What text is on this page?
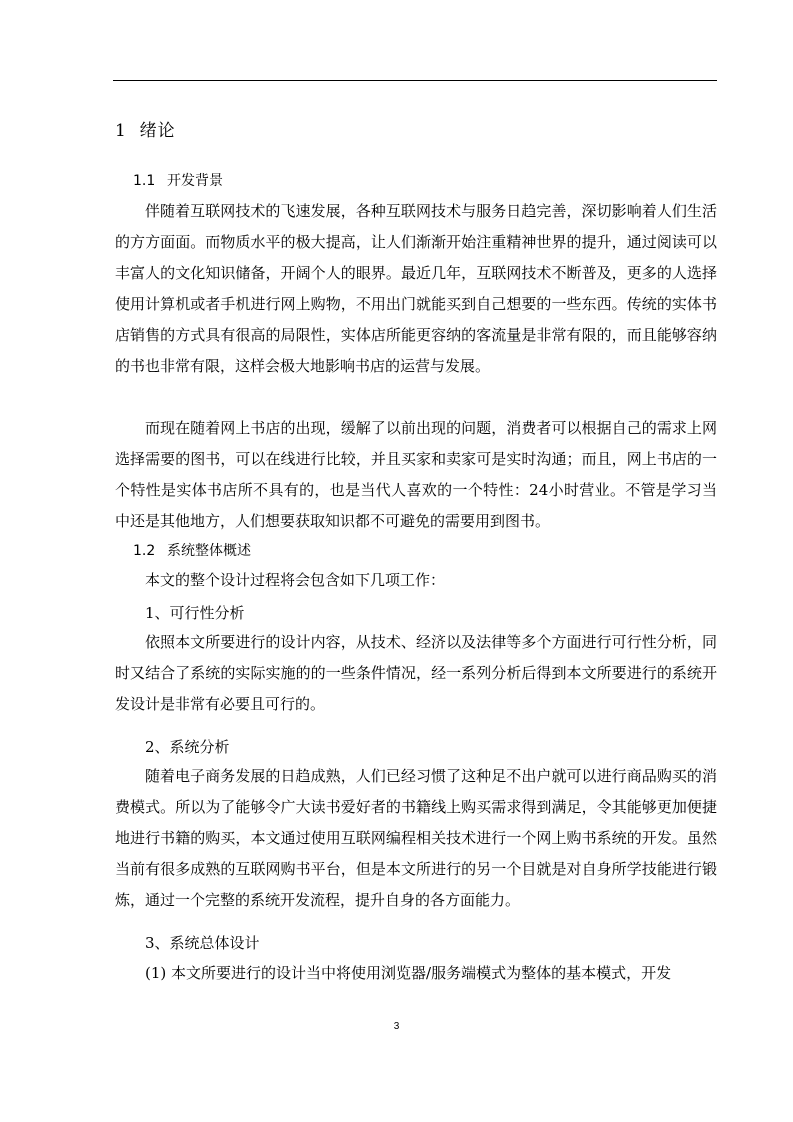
1 绪论
1.1 开发背景

伴随着互联网技术的飞速发展，各种互联网技术与服务日趋完善，深切影响着人们生活的方方面面。而物质水平的极大提高，让人们渐渐开始注重精神世界的提升，通过阅读可以丰富人的文化知识储备，开阔个人的眼界。最近几年，互联网技术不断普及，更多的人选择使用计算机或者手机进行网上购物，不用出门就能买到自己想要的一些东西。传统的实体书店销售的方式具有很高的局限性，实体店所能更容纳的客流量是非常有限的，而且能够容纳的书也非常有限，这样会极大地影响书店的运营与发展。

而现在随着网上书店的出现，缓解了以前出现的问题，消费者可以根据自己的需求上网选择需要的图书，可以在线进行比较，并且买家和卖家可是实时沟通；而且，网上书店的一个特性是实体书店所不具有的，也是当代人喜欢的一个特性：24小时营业。不管是学习当中还是其他地方，人们想要获取知识都不可避免的需要用到图书。

1.2 系统整体概述

本文的整个设计过程将会包含如下几项工作：

1、可行性分析

依照本文所要进行的设计内容，从技术、经济以及法律等多个方面进行可行性分析，同时又结合了系统的实际实施的的一些条件情况，经一系列分析后得到本文所要进行的系统开发设计是非常有必要且可行的。

2、系统分析

随着电子商务发展的日趋成熟，人们已经习惯了这种足不出户就可以进行商品购买的消费模式。所以为了能够令广大读书爱好者的书籍线上购买需求得到满足，令其能够更加便捷地进行书籍的购买，本文通过使用互联网编程相关技术进行一个网上购书系统的开发。虽然当前有很多成熟的互联网购书平台，但是本文所进行的另一个目就是对自身所学技能进行锻炼，通过一个完整的系统开发流程，提升自身的各方面能力。

3、系统总体设计

(1) 本文所要进行的设计当中将使用浏览器/服务端模式为整体的基本模式，开发

3
